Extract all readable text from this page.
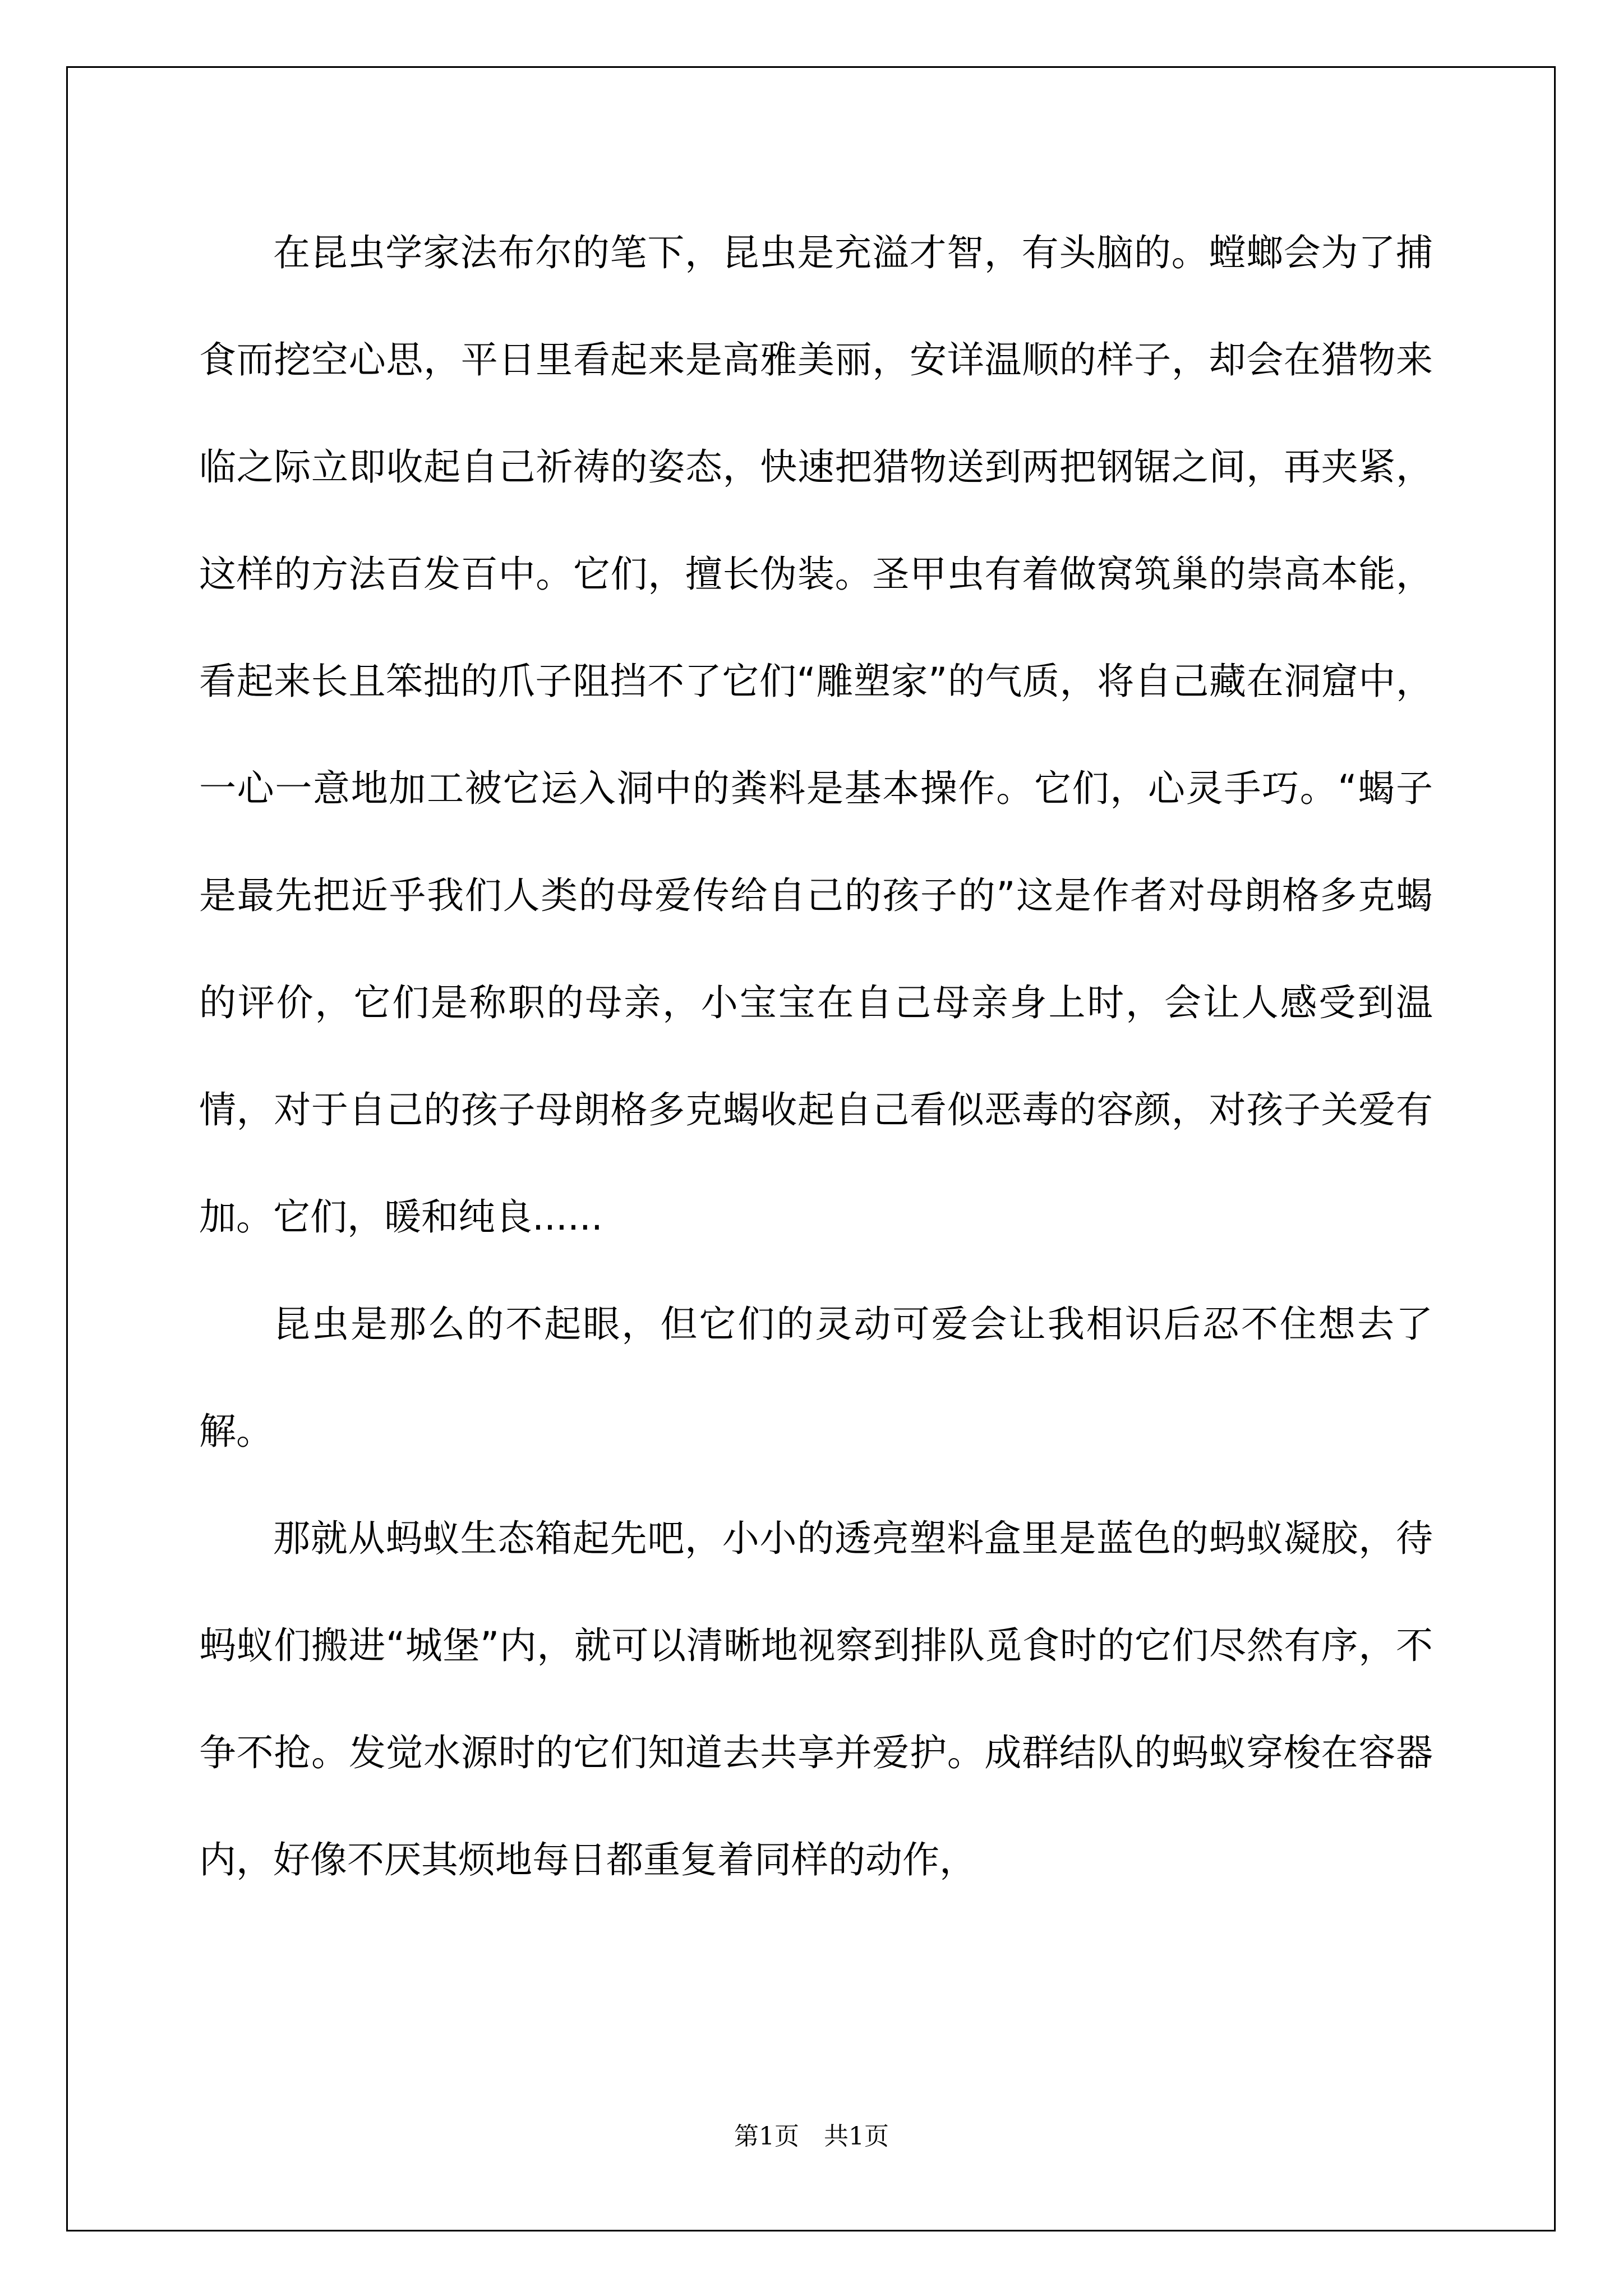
在昆虫学家法布尔的笔下，昆虫是充溢才智，有头脑的。螳螂会为了捕食而挖空心思，平日里看起来是高雅美丽，安详温顺的样子，却会在猎物来临之际立即收起自己祈祷的姿态，快速把猎物送到两把钢锯之间，再夹紧，这样的方法百发百中。它们，擅长伪装。圣甲虫有着做窝筑巢的崇高本能，看起来长且笨拙的爪子阻挡不了它们“雕塑家”的气质，将自己藏在洞窟中，一心一意地加工被它运入洞中的粪料是基本操作。它们，心灵手巧。“蝎子是最先把近乎我们人类的母爱传给自己的孩子的”这是作者对母朗格多克蝎的评价，它们是称职的母亲，小宝宝在自己母亲身上时，会让人感受到温情，对于自己的孩子母朗格多克蝎收起自己看似恶毒的容颜，对孩子关爱有加。它们，暖和纯良......

昆虫是那么的不起眼，但它们的灵动可爱会让我相识后忍不住想去了解。

那就从蚂蚁生态箱起先吧，小小的透亮塑料盒里是蓝色的蚂蚁凝胶，待蚂蚁们搬进“城堡”内，就可以清晰地视察到排队觅食时的它们尽然有序，不争不抢。发觉水源时的它们知道去共享并爱护。成群结队的蚂蚁穿梭在容器内，好像不厌其烦地每日都重复着同样的动作，

第1页　共1页
